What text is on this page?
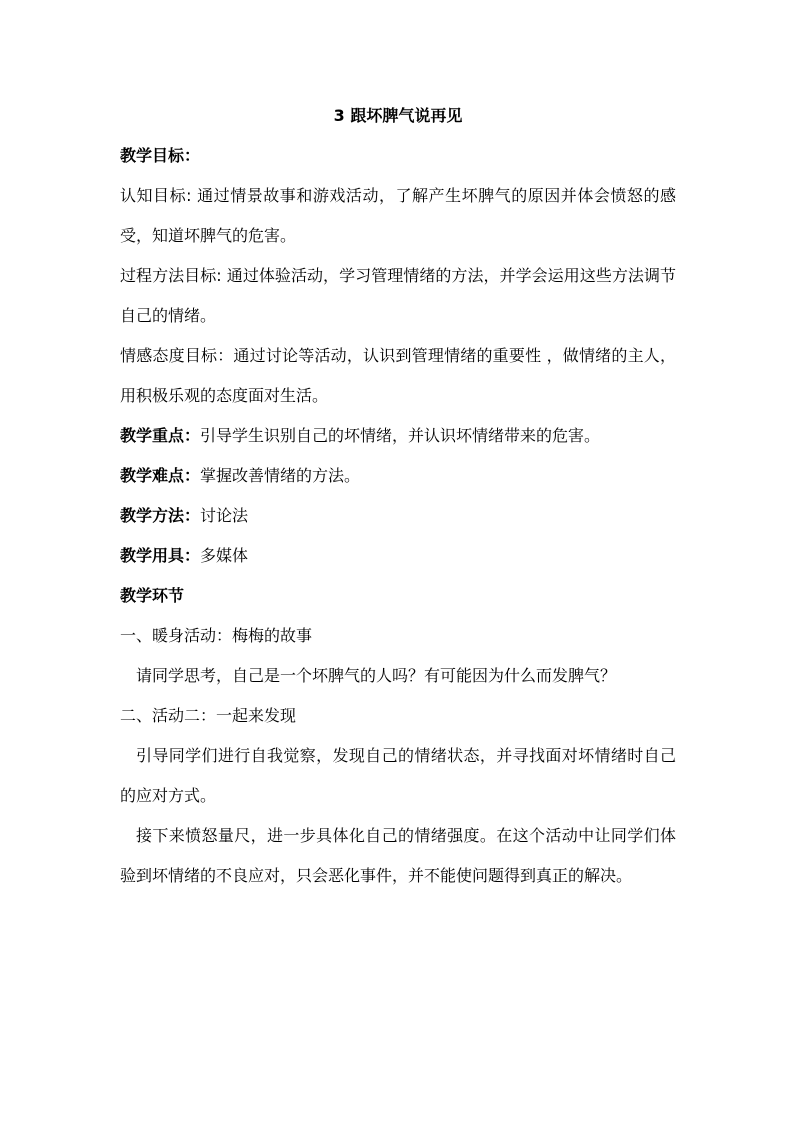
3 跟坏脾气说再见
教学目标：
认知目标: 通过情景故事和游戏活动，了解产生坏脾气的原因并体会愤怒的感受，知道坏脾气的危害。
过程方法目标: 通过体验活动，学习管理情绪的方法，并学会运用这些方法调节自己的情绪。
情感态度目标：通过讨论等活动，认识到管理情绪的重要性 ，做情绪的主人，用积极乐观的态度面对生活。
教学重点：引导学生识别自己的坏情绪，并认识坏情绪带来的危害。
教学难点：掌握改善情绪的方法。
教学方法：讨论法
教学用具：多媒体
教学环节
一、暖身活动：梅梅的故事
请同学思考，自己是一个坏脾气的人吗？有可能因为什么而发脾气？
二、活动二：一起来发现
引导同学们进行自我觉察，发现自己的情绪状态，并寻找面对坏情绪时自己的应对方式。
接下来愤怒量尺，进一步具体化自己的情绪强度。在这个活动中让同学们体验到坏情绪的不良应对，只会恶化事件，并不能使问题得到真正的解决。
